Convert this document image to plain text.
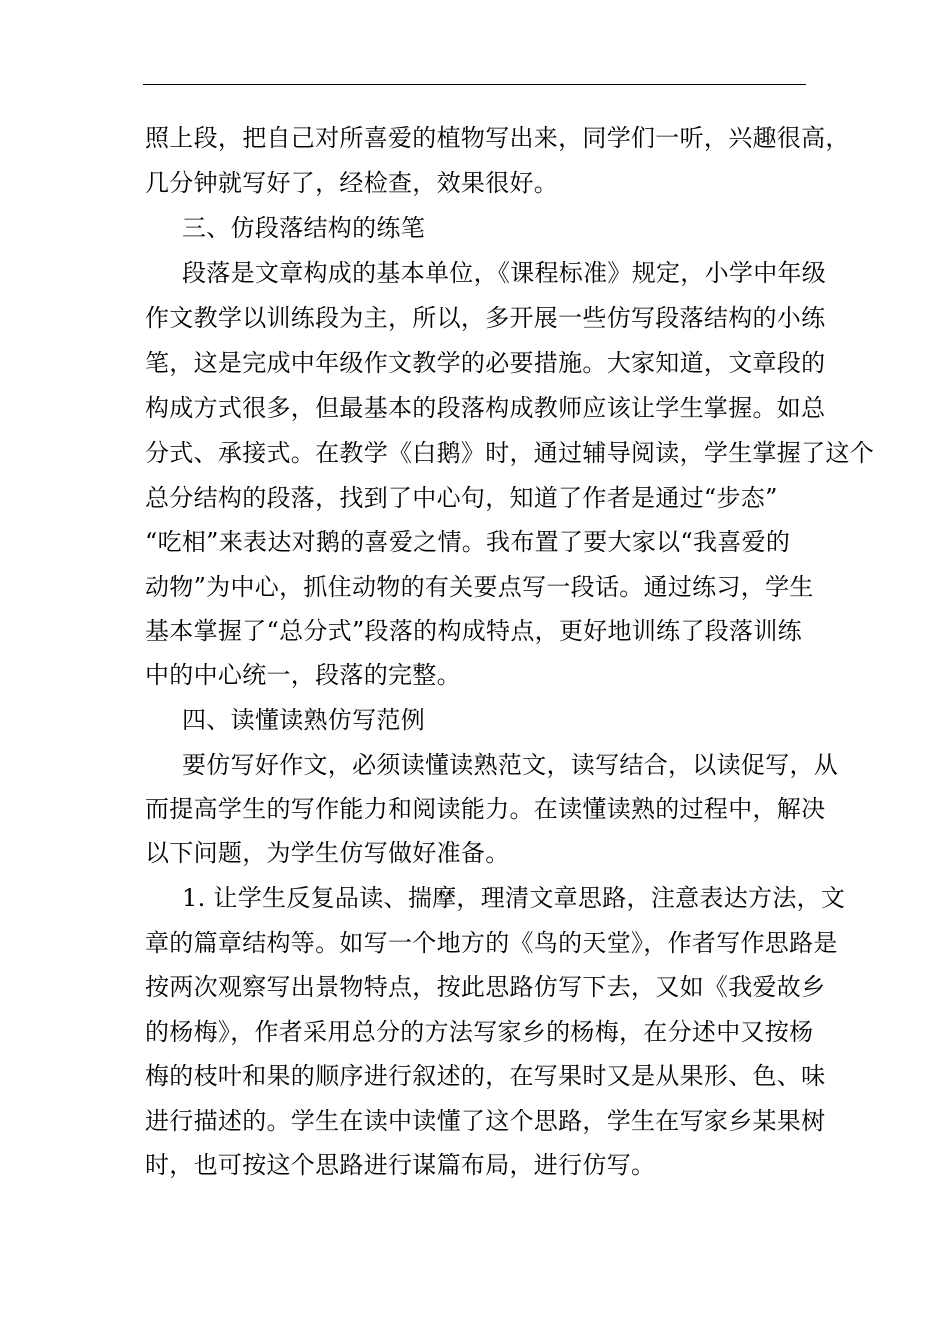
照上段，把自己对所喜爱的植物写出来，同学们一听，兴趣很高，
几分钟就写好了，经检查，效果很好。
三、仿段落结构的练笔
段落是文章构成的基本单位，《课程标准》规定，小学中年级
作文教学以训练段为主，所以，多开展一些仿写段落结构的小练
笔，这是完成中年级作文教学的必要措施。大家知道，文章段的
构成方式很多，但最基本的段落构成教师应该让学生掌握。如总
分式、承接式。在教学《白鹅》时，通过辅导阅读，学生掌握了这个
总分结构的段落，找到了中心句，知道了作者是通过“步态”
“吃相”来表达对鹅的喜爱之情。我布置了要大家以“我喜爱的
动物”为中心，抓住动物的有关要点写一段话。通过练习，学生
基本掌握了“总分式”段落的构成特点，更好地训练了段落训练
中的中心统一，段落的完整。
四、读懂读熟仿写范例
要仿写好作文，必须读懂读熟范文，读写结合，以读促写，从
而提高学生的写作能力和阅读能力。在读懂读熟的过程中，解决
以下问题，为学生仿写做好准备。
1. 让学生反复品读、揣摩，理清文章思路，注意表达方法，文
章的篇章结构等。如写一个地方的《鸟的天堂》，作者写作思路是
按两次观察写出景物特点，按此思路仿写下去，又如《我爱故乡
的杨梅》，作者采用总分的方法写家乡的杨梅，在分述中又按杨
梅的枝叶和果的顺序进行叙述的，在写果时又是从果形、色、味
进行描述的。学生在读中读懂了这个思路，学生在写家乡某果树
时，也可按这个思路进行谋篇布局，进行仿写。
